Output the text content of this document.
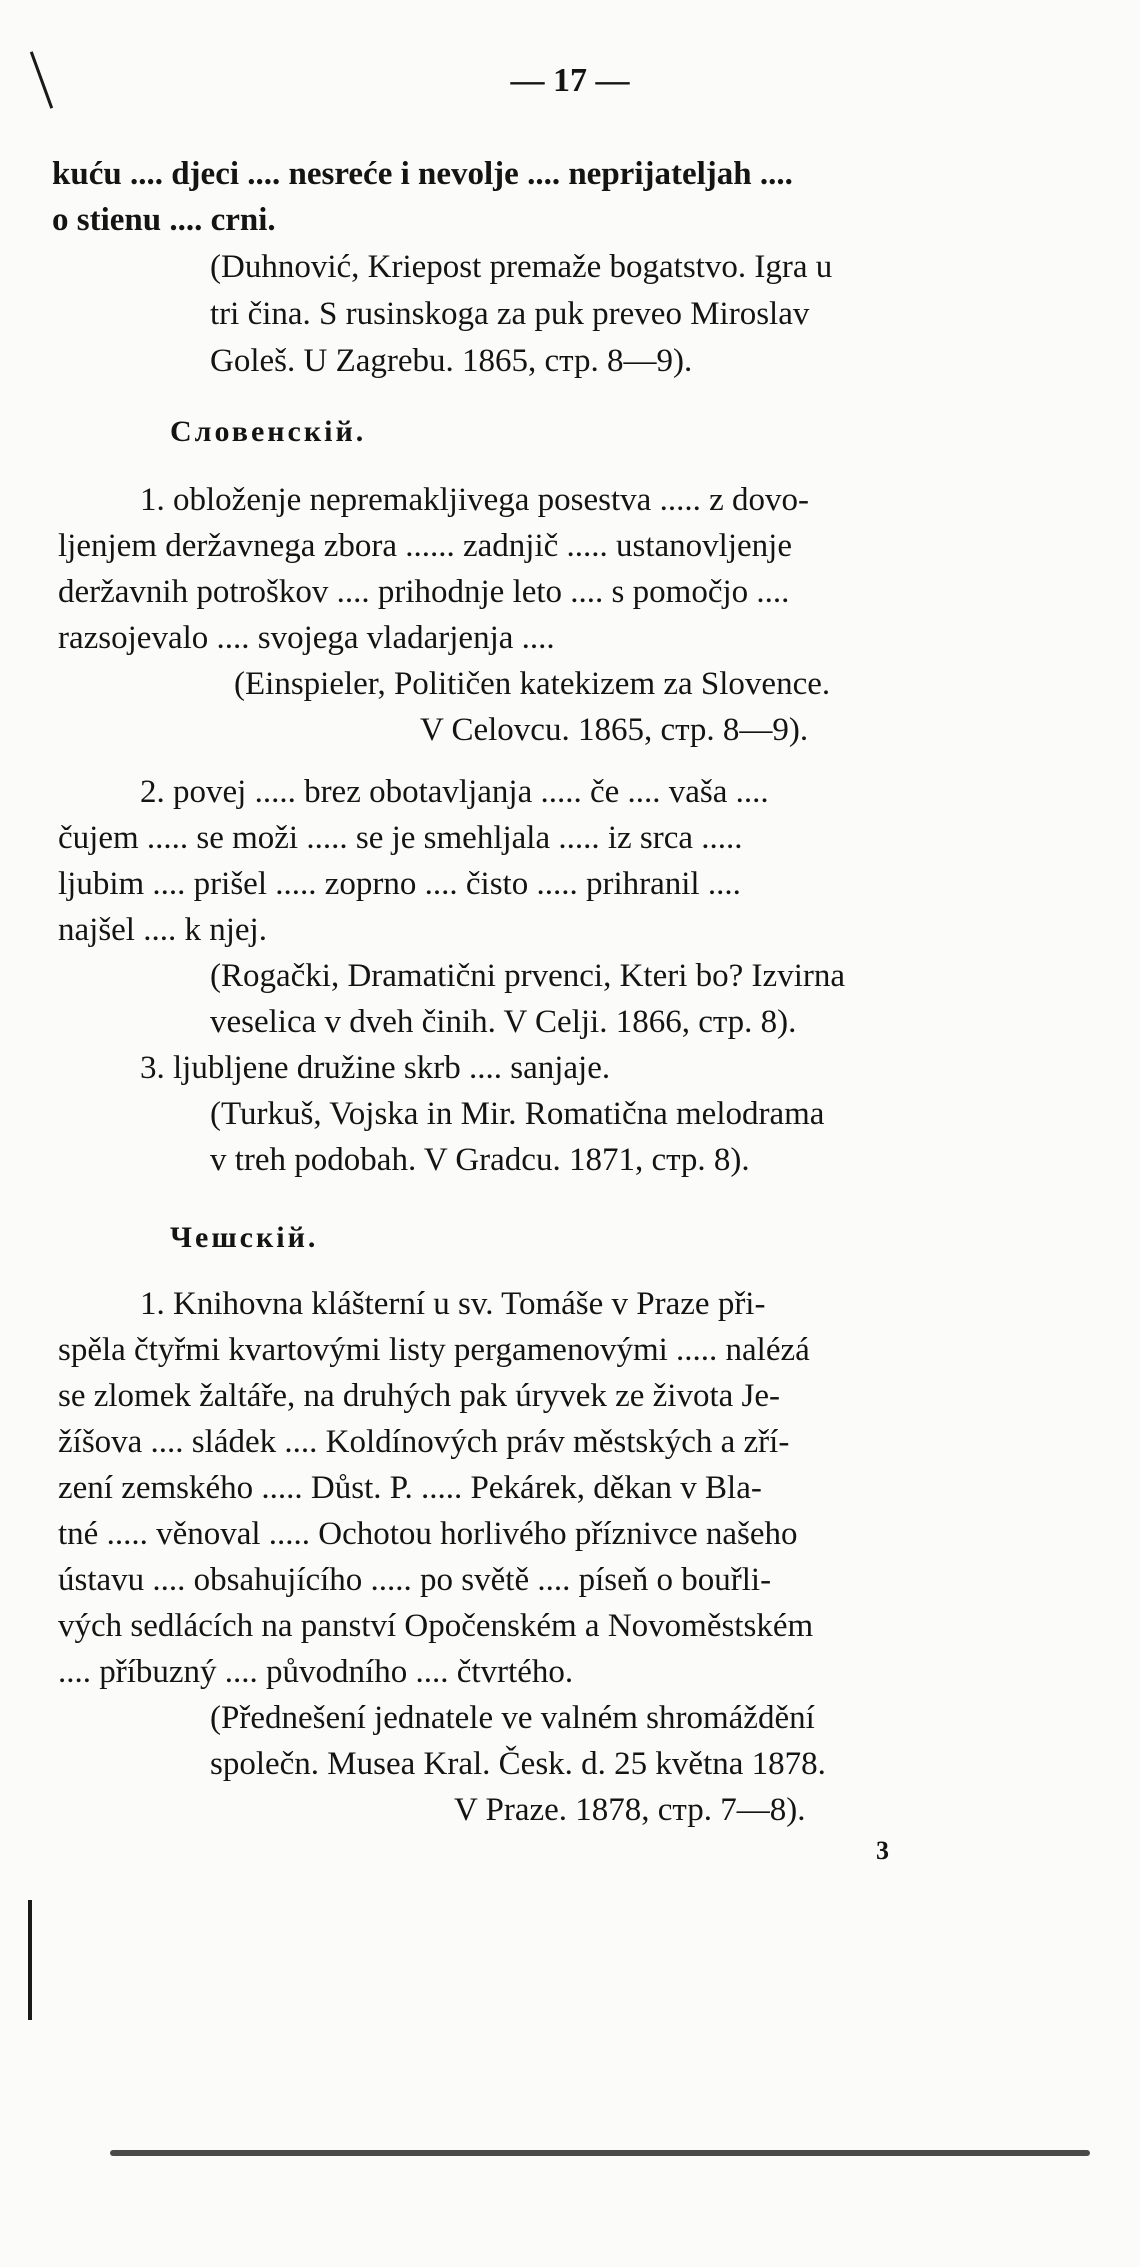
— 17 —
kuću .... djeci .... nesreće i nevolje .... neprijateljah ....
o stienu .... crni.
(Duhnović, Kriepost premaže bogatstvo. Igra u
tri čina. S rusinskoga za puk preveo Miroslav
Goleš. U Zagrebu. 1865, стр. 8—9).
Словенскій.
1. obloženje nepremakljivega posestva ..... z dovo-
ljenjem deržavnega zbora ...... zadnjič ..... ustanovljenje
deržavnih potroškov .... prihodnje leto .... s pomočjo ....
razsojevalo .... svojega vladarjenja ....
(Einspieler, Političen katekizem za Slovence.
V Celovcu. 1865, стр. 8—9).
2. povej ..... brez obotavljanja ..... če .... vaša ....
čujem ..... se moži ..... se je smehljala ..... iz srca .....
ljubim .... prišel ..... zoprno .... čisto ..... prihranil ....
najšel .... k njej.
(Rogački, Dramatični prvenci, Kteri bo? Izvirna
veselica v dveh činih. V Celji. 1866, стр. 8).
3. ljubljene družine skrb .... sanjaje.
(Turkuš, Vojska in Mir. Romatična melodrama
v treh podobah. V Gradcu. 1871, стр. 8).
Чешскій.
1. Knihovna klášterní u sv. Tomáše v Praze při-
spěla čtyřmi kvartovými listy pergamenovými ..... nalézá
se zlomek žaltáře, na druhých pak úryvek ze života Je-
žíšova .... sládek .... Koldínových práv městských a zří-
zení zemského ..... Důst. P. ..... Pekárek, děkan v Bla-
tné ..... věnoval ..... Ochotou horlivého příznivce našeho
ústavu .... obsahujícího ..... po světě .... píseň o bouřli-
vých sedlácích na panství Opočenském a Novoměstském
.... příbuzný .... původního .... čtvrtého.
(Přednešení jednatele ve valném shromáždění
společn. Musea Kral. Česk. d. 25 května 1878.
V Praze. 1878, стр. 7—8).
3
